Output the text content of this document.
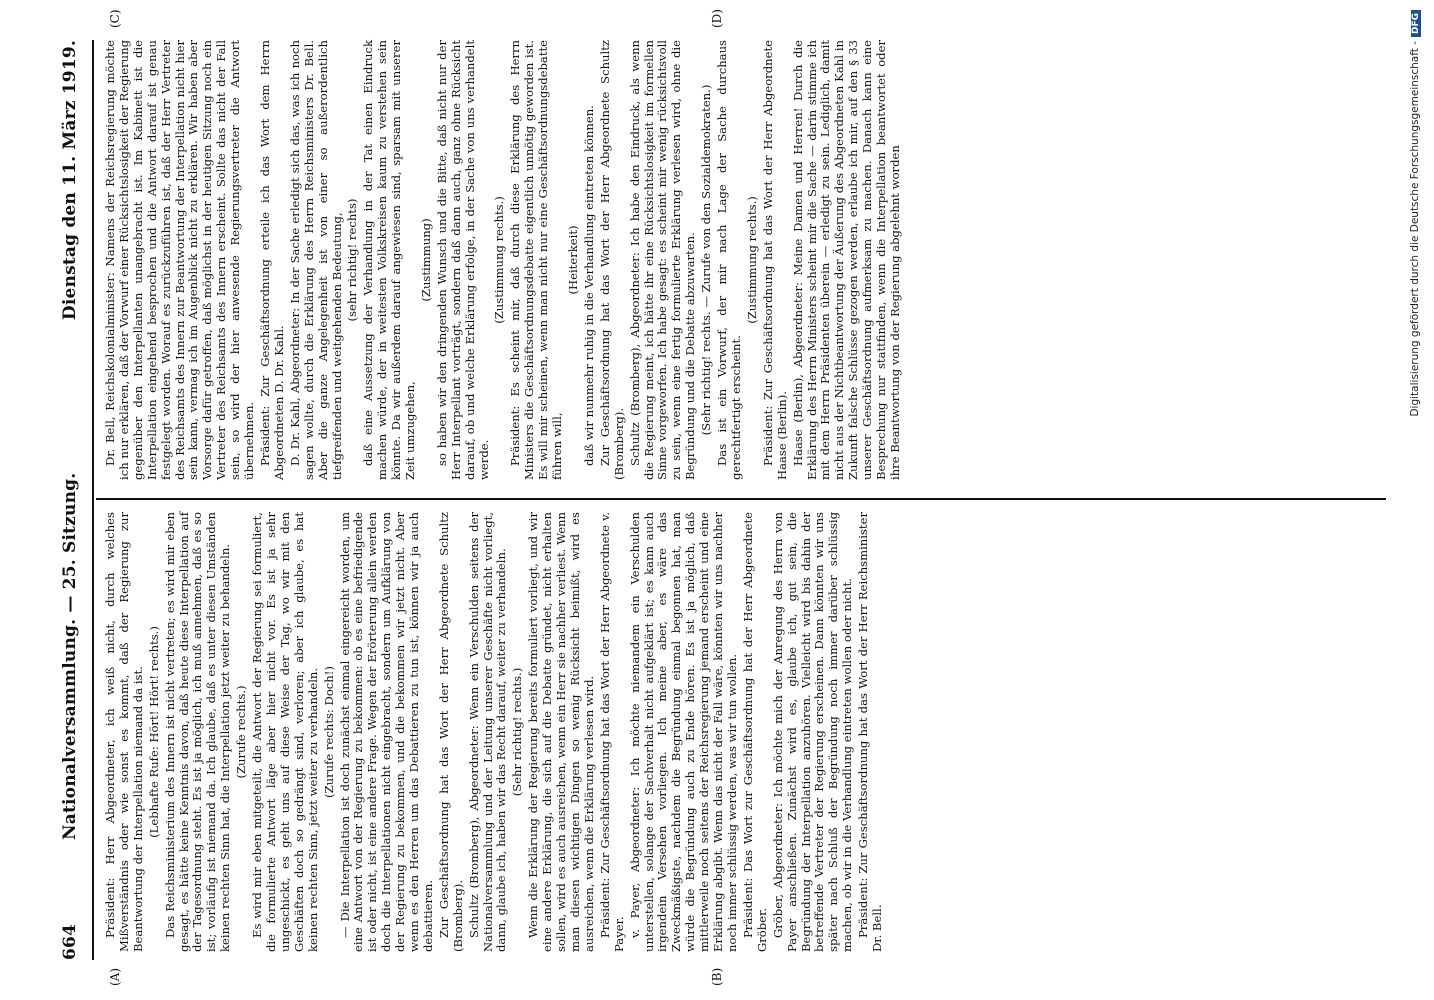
664
Nationalversammlung. — 25. Sitzung.
Dienstag den 11. März 1919.
(A)	(B)
(C)	(D)

Präsident: Herr Abgeordneter, ich weiß nicht, durch welches Mißverständnis oder wie sonst es kommt, daß der Regierung zur Beantwortung der Interpellation niemand da ist. (Lebhafte Rufe: Hört! Hört! rechts.) Das Reichsministerium des Innern ist nicht vertreten; es wird mir eben gesagt, es hätte keine Kenntnis davon, daß heute diese Interpellation auf der Tagesordnung steht. Es ist ja möglich, ich muß annehmen, daß es so ist; vorläufig ist niemand da. Ich glaube, daß es unter diesen Umständen keinen rechten Sinn hat, die Interpellation jetzt weiter zu behandeln. (Zurufe rechts.) Es wird mir eben mitgeteilt, die Antwort der Regierung sei formuliert, die formulierte Antwort läge aber hier nicht vor. Es ist ja sehr ungeschickt, es geht uns auf diese Weise der Tag, wo wir mit den Geschäften doch so gedrängt sind, verloren; aber ich glaube, es hat keinen rechten Sinn, jetzt weiter zu verhandeln. (Zurufe rechts: Doch!) — Die Interpellation ist doch zunächst einmal eingereicht worden, um eine Antwort von der Regierung zu bekommen: ob es eine befriedigende ist oder nicht, ist eine andere Frage. Wegen der Erörterung allein werden doch die Interpellationen nicht eingebracht, sondern um Aufklärung von der Regierung zu bekommen, und die bekommen wir jetzt nicht. Aber wenn es den Herren um das Debattieren zu tun ist, können wir ja auch debattieren. Zur Geschäftsordnung hat das Wort der Herr Abgeordnete Schultz (Bromberg). Schultz (Bromberg), Abgeordneter: Wenn ein Verschulden seitens der Nationalversammlung und der Leitung unserer Geschäfte nicht vorliegt, dann, glaube ich, haben wir das Recht darauf, weiter zu verhandeln. (Sehr richtig! rechts.) Wenn die Erklärung der Regierung bereits formuliert vorliegt, und wir eine andere Erklärung, die sich auf die Debatte gründet, nicht erhalten sollen, wird es auch ausreichen, wenn ein Herr sie nachher verliest. Wenn man diesen wichtigen Dingen so wenig Rücksicht beimißt, wird es ausreichen, wenn die Erklärung verlesen wird. Präsident: Zur Geschäftsordnung hat das Wort der Herr Abgeordnete v. Payer. v. Payer, Abgeordneter: Ich möchte niemandem ein Verschulden unterstellen, solange der Sachverhalt nicht aufgeklärt ist; es kann auch irgendein Versehen vorliegen. Ich meine aber, es wäre das Zweckmäßigste, nachdem die Begründung einmal begonnen hat, man würde die Begründung auch zu Ende hören. Es ist ja möglich, daß mittlerweile noch seitens der Reichsregierung jemand erscheint und eine Erklärung abgibt. Wenn das nicht der Fall wäre, könnten wir uns nachher noch immer schlüssig werden, was wir tun wollen. Präsident: Das Wort zur Geschäftsordnung hat der Herr Abgeordnete Gröber. Gröber, Abgeordneter: Ich möchte mich der Anregung des Herrn von Payer anschließen. Zunächst wird es, glaube ich, gut sein, die Begründung der Interpellation anzuhören. Vielleicht wird bis dahin der betreffende Vertreter der Regierung erscheinen. Dann könnten wir uns später nach Schluß der Begründung noch immer darüber schlüssig machen, ob wir in die Verhandlung eintreten wollen oder nicht. Präsident: Zur Geschäftsordnung hat das Wort der Herr Reichsminister Dr. Bell.

Dr. Bell, Reichskolonialminister: Namens der Reichsregierung möchte ich nur erklären, daß der Vorwurf einer Rücksichtslosigkeit der Regierung gegenüber den Interpellanten unangebracht ist. Im Kabinett ist die Interpellation eingehend besprochen und die Antwort darauf ist genau festgelegt worden. Worauf es zurückzuführen ist, daß der Herr Vertreter des Reichsamts des Innern zur Beantwortung der Interpellation nicht hier sein kann, vermag ich im Augenblick nicht zu erklären. Wir haben aber Vorsorge dafür getroffen, daß möglichst in der heutigen Sitzung noch ein Vertreter des Reichsamts des Innern erscheint. Sollte das nicht der Fall sein, so wird der hier anwesende Regierungsvertreter die Antwort übernehmen. Präsident: Zur Geschäftsordnung erteile ich das Wort dem Herrn Abgeordneten D. Dr. Kahl. D. Dr. Kahl, Abgeordneter: In der Sache erledigt sich das, was ich noch sagen wollte, durch die Erklärung des Herrn Reichsministers Dr. Bell. Aber die ganze Angelegenheit ist von einer so außerordentlich tiefgreifenden und weitgehenden Bedeutung, (sehr richtig! rechts) daß eine Aussetzung der Verhandlung in der Tat einen Eindruck machen würde, der in weitesten Volkskreisen kaum zu verstehen sein könnte. Da wir außerdem darauf angewiesen sind, sparsam mit unserer Zeit umzugehen,

(Zustimmung) so haben wir den dringenden Wunsch und die Bitte, daß nicht nur der Herr Interpellant vorträgt, sondern daß dann auch, ganz ohne Rücksicht darauf, ob und welche Erklärung erfolge, in der Sache von uns verhandelt werde.

(Zustimmung rechts.) Präsident: Es scheint mir, daß durch diese Erklärung des Herrn Ministers die Geschäftsordnungsdebatte eigentlich unnötig geworden ist. Es will mir scheinen, wenn man nicht nur eine Geschäftsordnungsdebatte führen will,

(Heiterkeit) daß wir nunmehr ruhig in die Verhandlung eintreten können. Zur Geschäftsordnung hat das Wort der Herr Abgeordnete Schultz (Bromberg). Schultz (Bromberg), Abgeordneter: Ich habe den Eindruck, als wenn die Regierung meint, ich hätte ihr eine Rücksichtslosigkeit im formellen Sinne vorgeworfen. Ich habe gesagt: es scheint mir wenig rücksichtsvoll zu sein, wenn eine fertig formulierte Erklärung verlesen wird, ohne die Begründung und die Debatte abzuwarten. (Sehr richtig! rechts. — Zurufe von den Sozialdemokraten.) Das ist ein Vorwurf, der mir nach Lage der Sache durchaus gerechtfertigt erscheint.

(Zustimmung rechts.) Präsident: Zur Geschäftsordnung hat das Wort der Herr Abgeordnete Haase (Berlin). Haase (Berlin), Abgeordneter: Meine Damen und Herren! Durch die Erklärung des Herrn Ministers scheint mir die Sache — darin stimme ich mit dem Herrn Präsidenten überein — erledigt zu sein. Lediglich, damit nicht aus der Nichtbeantwortung der Äußerung des Abgeordneten Kahl in Zukunft falsche Schlüsse gezogen werden, erlaube ich mir, auf den § 33 unserer Geschäftsordnung aufmerksam zu machen. Danach kann eine Besprechung nur stattfinden, wenn die Interpellation beantwortet oder ihre Beantwortung von der Regierung abgelehnt worden	Digitalisierung gefördert durch die Deutsche Forschungsgemeinschaft -DFG
